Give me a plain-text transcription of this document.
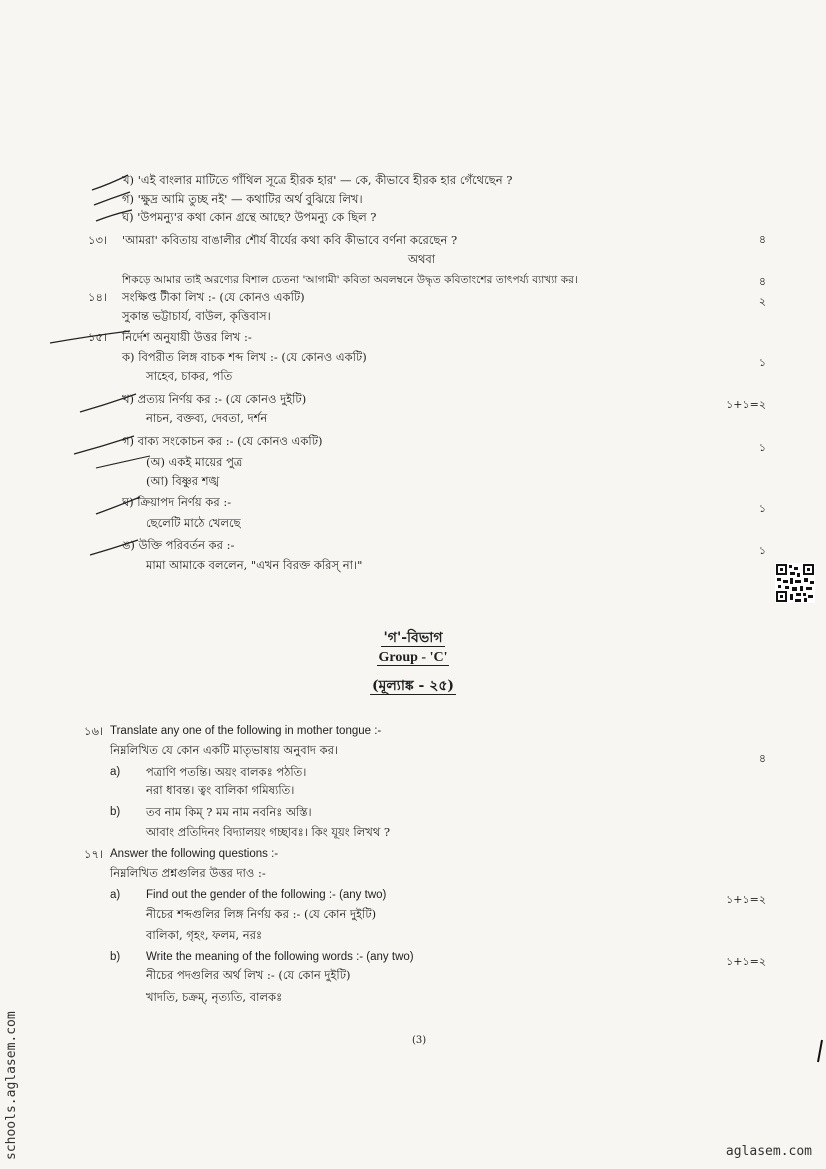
খ) 'এই বাংলার মাটিতে গাঁথিল সূত্রে হীরক হার' — কে, কীভাবে হীরক হার গেঁথেছেন ?
গ) 'ক্ষুদ্র আমি তুচ্ছ নই' — কথাটির অর্থ বুঝিয়ে লিখ।
ঘ) 'উপমন্যু'র কথা কোন গ্রন্থে আছে? উপমন্যু কে ছিল ?
১৩। 'আমরা' কবিতায় বাঙালীর শৌর্য বীর্যের কথা কবি কীভাবে বর্ণনা করেছেন ?	৪
অথবা
শিকড়ে আমার তাই অরণ্যের বিশাল চেতনা 'আগামী' কবিতা অবলম্বনে উদ্ধৃত কবিতাংশের তাৎপর্য্য ব্যাখ্যা কর।	৪
১৪। সংক্ষিপ্ত টীকা লিখ :- (যে কোনও একটি)	২
সুকান্ত ভট্টাচার্য, বাউল, কৃত্তিবাস।
১৫। নির্দেশ অনুযায়ী উত্তর লিখ :-
ক) বিপরীত লিঙ্গ বাচক শব্দ লিখ :- (যে কোনও একটি)	১
সাহেব, চাকর, পতি
খ) প্রত্যয় নির্ণয় কর :- (যে কোনও দুইটি)	১+১=২
নাচন, বক্তব্য, দেবতা, দর্শন
গ) বাক্য সংকোচন কর :- (যে কোনও একটি)	১
(অ) একই মায়ের পুত্র
(আ) বিষ্ণুর শঙ্খ
ঘ) ক্রিয়াপদ নির্ণয় কর :-	১
ছেলেটি মাঠে খেলছে
ঙ) উক্তি পরিবর্তন কর :-	১
মামা আমাকে বললেন, "এখন বিরক্ত করিস্ না।"
'গ'-বিভাগ
Group - 'C'
(মূল্যাঙ্ক - ২৫)
১৬। Translate any one of the following in mother tongue :-
নিম্নলিখিত যে কোন একটি মাতৃভাষায় অনুবাদ কর।
৪
a) পত্রাণি পতন্তি। অয়ং বালকঃ পঠতি।
নরা ধাবন্ত। ত্বং বালিকা গমিষ্যতি।
b) তব নাম কিম্ ? মম নাম নবনিঃ অস্তি।
আবাং প্রতিদিনং বিদ্যালয়ং গচ্ছাবঃ। কিং যূয়ং লিখথ ?
১৭। Answer the following questions :-
নিম্নলিখিত প্রশ্নগুলির উত্তর দাও :-
a) Find out the gender of the following :- (any two)	১+১=২
নীচের শব্দগুলির লিঙ্গ নির্ণয় কর :- (যে কোন দুইটি)
বালিকা, গৃহং, ফলম, নরঃ
b) Write the meaning of the following words :- (any two)	১+১=২
নীচের পদগুলির অর্থ লিখ :- (যে কোন দুইটি)
খাদতি, চক্রম্, নৃত্যতি, বালকঃ
(3)
schools.aglasem.com	aglasem.com
